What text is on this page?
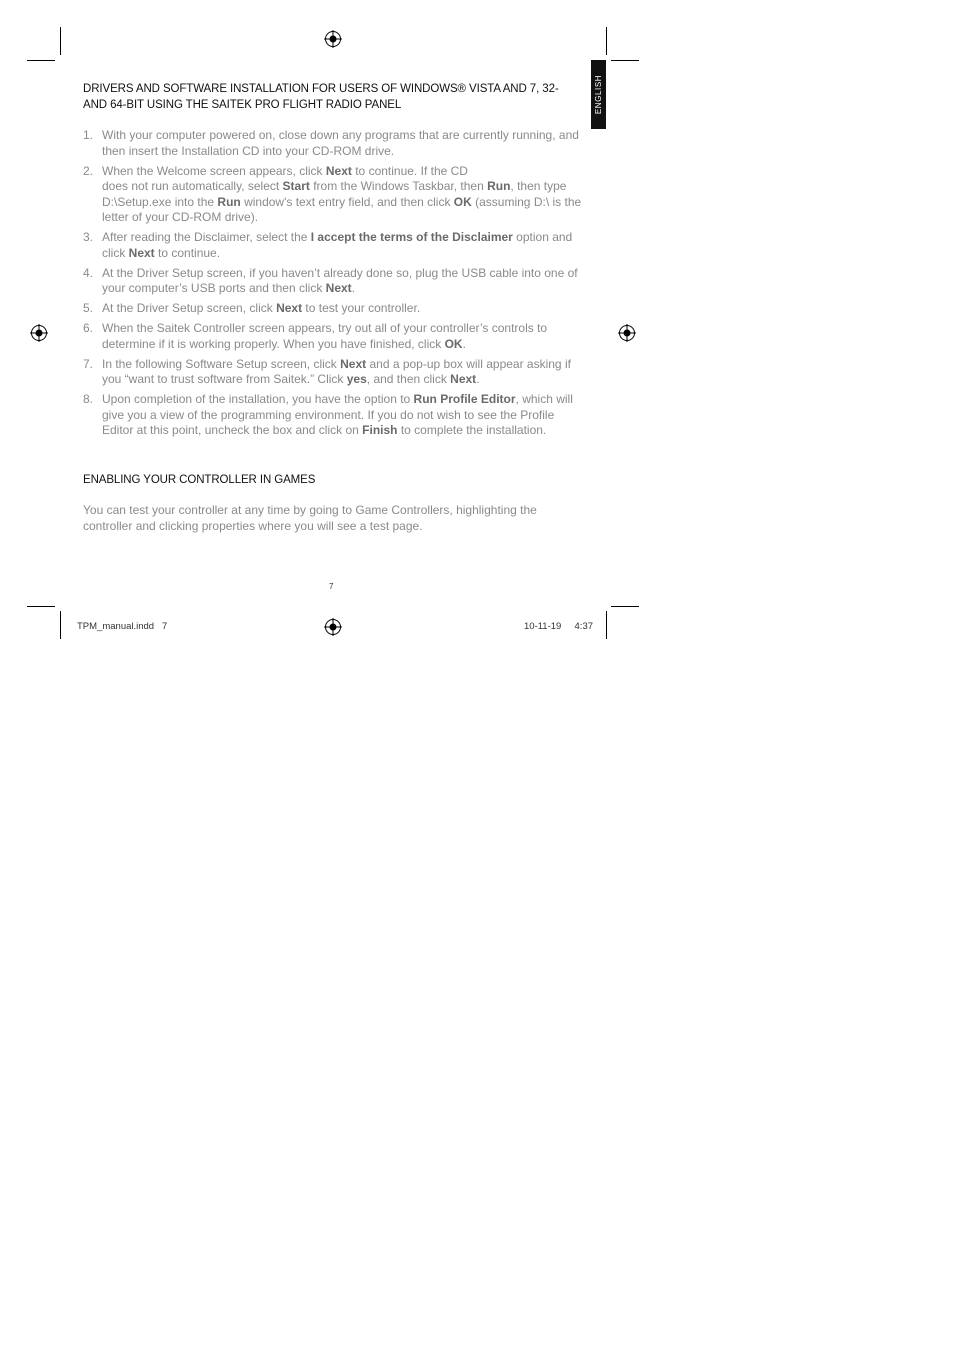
ENGLISH
DRIVERS AND SOFTWARE INSTALLATION FOR USERS OF WINDOWS® VISTA AND 7, 32-
AND 64-BIT USING THE SAITEK PRO FLIGHT RADIO PANEL
1. With your computer powered on, close down any programs that are currently running, and then insert the Installation CD into your CD-ROM drive.
2. When the Welcome screen appears, click Next to continue. If the CD
does not run automatically, select Start from the Windows Taskbar, then Run, then type D:\Setup.exe into the Run window's text entry field, and then click OK (assuming D:\ is the letter of your CD-ROM drive).
3. After reading the Disclaimer, select the I accept the terms of the Disclaimer option and click Next to continue.
4. At the Driver Setup screen, if you haven’t already done so, plug the USB cable into one of your computer’s USB ports and then click Next.
5. At the Driver Setup screen, click Next to test your controller.
6. When the Saitek Controller screen appears, try out all of your controller’s controls to determine if it is working properly. When you have finished, click OK.
7. In the following Software Setup screen, click Next and a pop-up box will appear asking if you “want to trust software from Saitek.” Click yes, and then click Next.
8. Upon completion of the installation, you have the option to Run Profile Editor, which will give you a view of the programming environment. If you do not wish to see the Profile Editor at this point, uncheck the box and click on Finish to complete the installation.
ENABLING YOUR CONTROLLER IN GAMES

You can test your controller at any time by going to Game Controllers, highlighting the controller and clicking properties where you will see a test page.

7
TPM_manual.indd   7	10-11-19     4:37
